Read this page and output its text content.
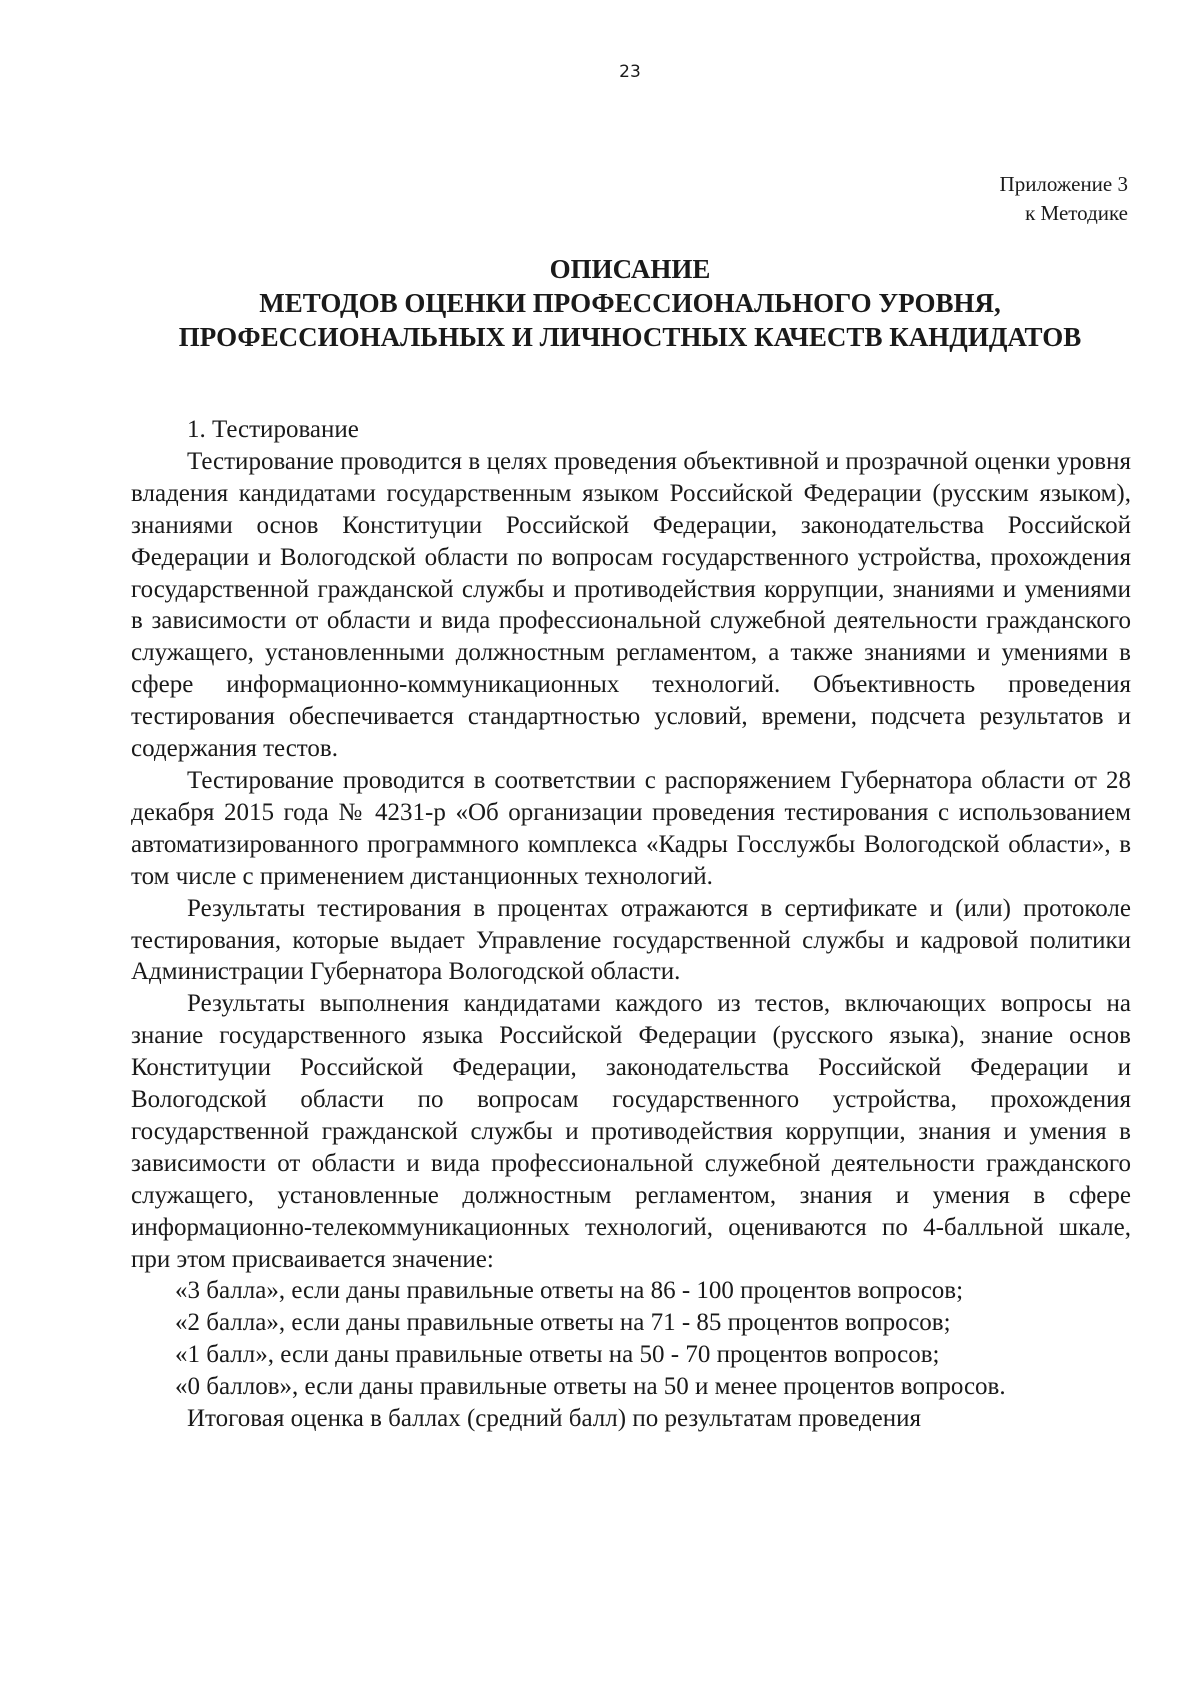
23
Приложение 3
к Методике
ОПИСАНИЕ
МЕТОДОВ ОЦЕНКИ ПРОФЕССИОНАЛЬНОГО УРОВНЯ,
ПРОФЕССИОНАЛЬНЫХ И ЛИЧНОСТНЫХ КАЧЕСТВ КАНДИДАТОВ

1. Тестирование

Тестирование проводится в целях проведения объективной и прозрачной оценки уровня владения кандидатами государственным языком Российской Федерации (русским языком), знаниями основ Конституции Российской Федерации, законодательства Российской Федерации и Вологодской области по вопросам государственного устройства, прохождения государственной гражданской службы и противодействия коррупции, знаниями и умениями в зависимости от области и вида профессиональной служебной деятельности гражданского служащего, установленными должностным регламентом, а также знаниями и умениями в сфере информационно-коммуникационных технологий. Объективность проведения тестирования обеспечивается стандартностью условий, времени, подсчета результатов и содержания тестов.

Тестирование проводится в соответствии с распоряжением Губернатора области от 28 декабря 2015 года № 4231-р «Об организации проведения тестирования с использованием автоматизированного программного комплекса «Кадры Госслужбы Вологодской области», в том числе с применением дистанционных технологий.

Результаты тестирования в процентах отражаются в сертификате и (или) протоколе тестирования, которые выдает Управление государственной службы и кадровой политики Администрации Губернатора Вологодской области.

Результаты выполнения кандидатами каждого из тестов, включающих вопросы на знание государственного языка Российской Федерации (русского языка), знание основ Конституции Российской Федерации, законодательства Российской Федерации и Вологодской области по вопросам государственного устройства, прохождения государственной гражданской службы и противодействия коррупции, знания и умения в зависимости от области и вида профессиональной служебной деятельности гражданского служащего, установленные должностным регламентом, знания и умения в сфере информационно-телекоммуникационных технологий, оцениваются по 4-балльной шкале, при этом присваивается значение:

«3 балла», если даны правильные ответы на 86 - 100 процентов вопросов;

«2 балла», если даны правильные ответы на 71 - 85 процентов вопросов;

«1 балл», если даны правильные ответы на 50 - 70 процентов вопросов;

«0 баллов», если даны правильные ответы на 50 и менее процентов вопросов.

Итоговая оценка в баллах (средний балл) по результатам проведения
